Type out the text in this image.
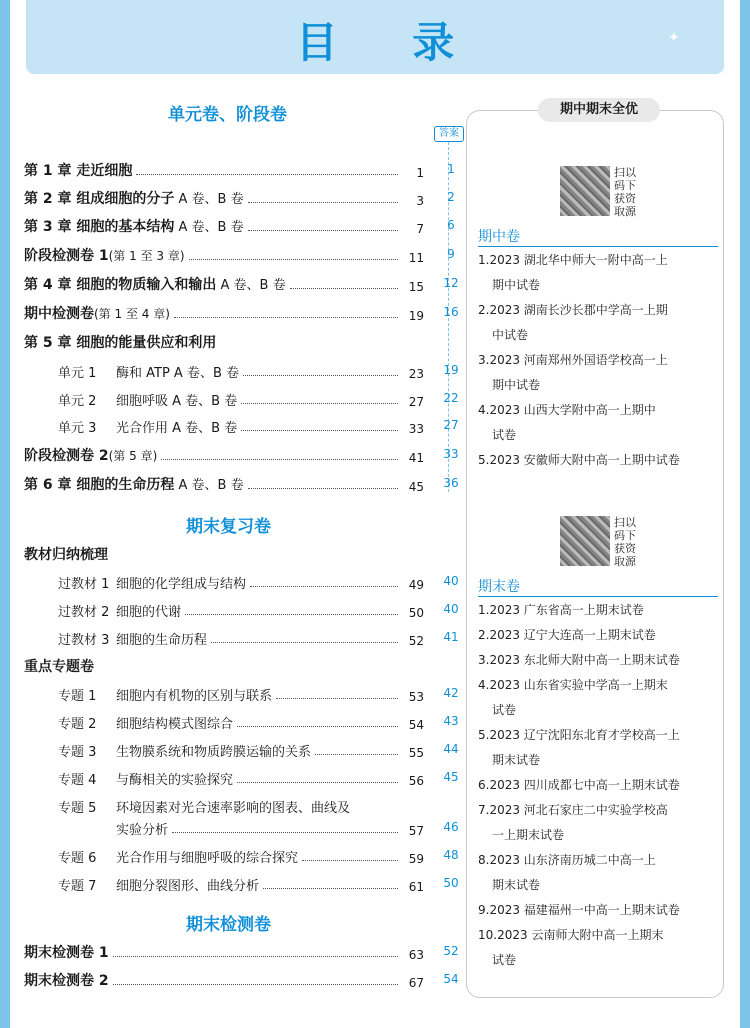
目 录	✦
单元卷、阶段卷
答案
第 1 章 走近细胞	1	1
第 2 章 组成细胞的分子 A 卷、B 卷	3	2
第 3 章 细胞的基本结构 A 卷、B 卷	7	6
阶段检测卷 1(第 1 至 3 章)	11	9
第 4 章 细胞的物质输入和输出 A 卷、B 卷	15	12
期中检测卷(第 1 至 4 章)	19	16
第 5 章 细胞的能量供应和利用
单元 1 酶和 ATP A 卷、B 卷	23	19
单元 2 细胞呼吸 A 卷、B 卷	27	22
单元 3 光合作用 A 卷、B 卷	33	27
阶段检测卷 2(第 5 章)	41	33
第 6 章 细胞的生命历程 A 卷、B 卷	45	36
期末复习卷
教材归纳梳理
过教材 1 细胞的化学组成与结构	49	40
过教材 2 细胞的代谢	50	40
过教材 3 细胞的生命历程	52	41
重点专题卷
专题 1 细胞内有机物的区别与联系	53	42
专题 2 细胞结构模式图综合	54	43
专题 3 生物膜系统和物质跨膜运输的关系	55	44
专题 4 与酶相关的实验探究	56	45
专题 5 环境因素对光合速率影响的图表、曲线及
实验分析	57	46
专题 6 光合作用与细胞呼吸的综合探究	59	48
专题 7 细胞分裂图形、曲线分析	61	50
期末检测卷
期末检测卷 1	63	52
期末检测卷 2	67	54
期中期末全优
扫以
码下
获资
取源
期中卷
1.2023 湖北华中师大一附中高一上
期中试卷
2.2023 湖南长沙长郡中学高一上期
中试卷
3.2023 河南郑州外国语学校高一上
期中试卷
4.2023 山西大学附中高一上期中
试卷
5.2023 安徽师大附中高一上期中试卷
扫以
码下
获资
取源
期末卷
1.2023 广东省高一上期末试卷
2.2023 辽宁大连高一上期末试卷
3.2023 东北师大附中高一上期末试卷
4.2023 山东省实验中学高一上期末
试卷
5.2023 辽宁沈阳东北育才学校高一上
期末试卷
6.2023 四川成都七中高一上期末试卷
7.2023 河北石家庄二中实验学校高
一上期末试卷
8.2023 山东济南历城二中高一上
期末试卷
9.2023 福建福州一中高一上期末试卷
10.2023 云南师大附中高一上期末
试卷
